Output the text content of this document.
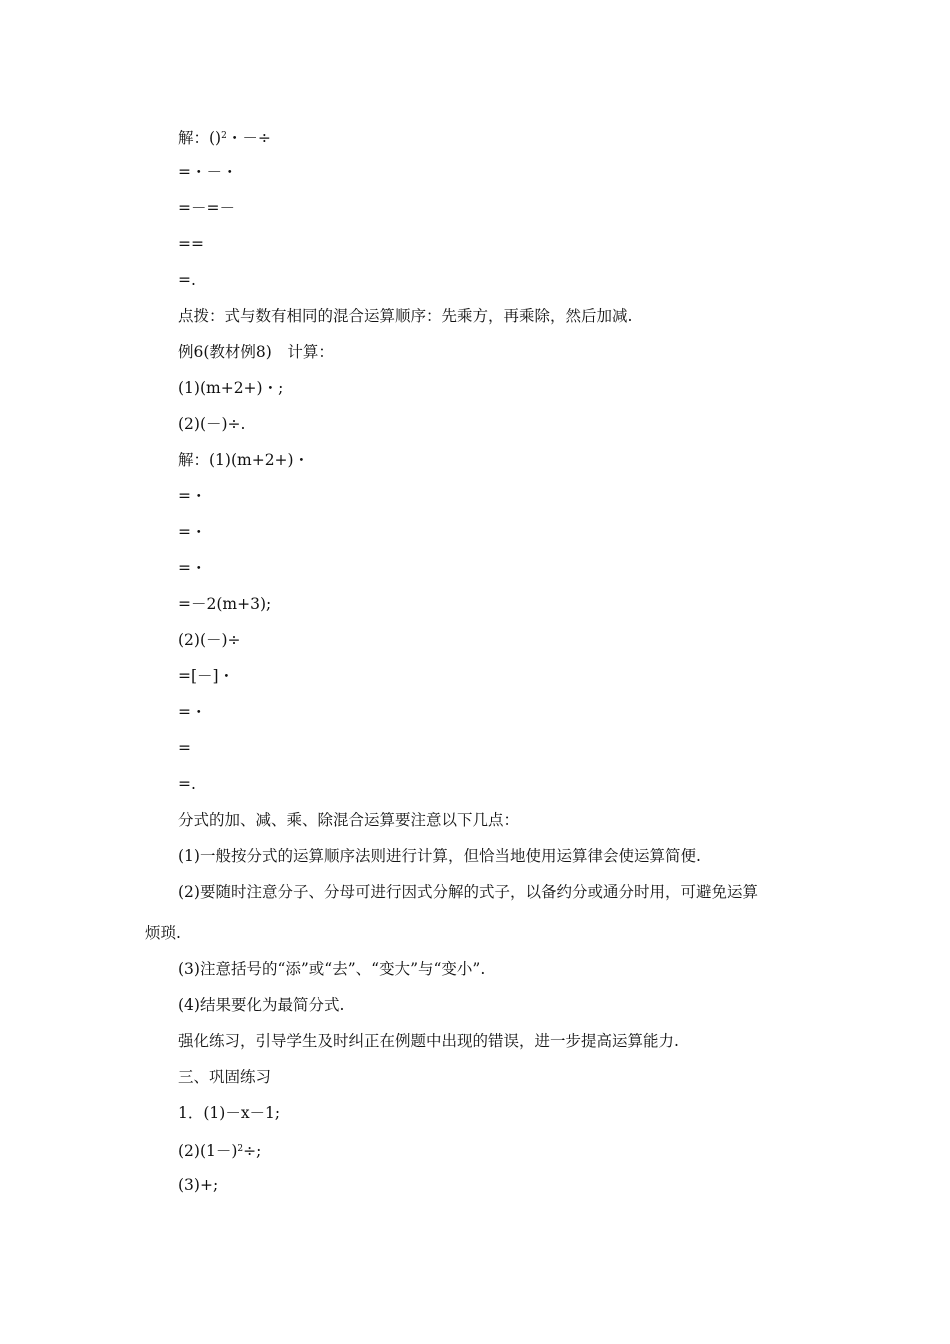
解：()$^2$・－÷
=・－・
=－=－
==
=.
点拨：式与数有相同的混合运算顺序：先乘方，再乘除，然后加减.
例6(教材例8)　计算：
(1)(m+2+)・;
(2)(－)÷.
解：(1)(m+2+)・
=・
=・
=・
=－2(m+3);
(2)(－)÷
=[－]・
=・
=
=.
分式的加、减、乘、除混合运算要注意以下几点：
(1)一般按分式的运算顺序法则进行计算，但恰当地使用运算律会使运算简便.
(2)要随时注意分子、分母可进行因式分解的式子，以备约分或通分时用，可避免运算
烦琐.
(3)注意括号的“添”或“去”、“变大”与“变小”.
(4)结果要化为最简分式.
强化练习，引导学生及时纠正在例题中出现的错误，进一步提高运算能力.
三、巩固练习
1．(1)－x－1;
$(2)(1-)^2\div$;
(3)+;
